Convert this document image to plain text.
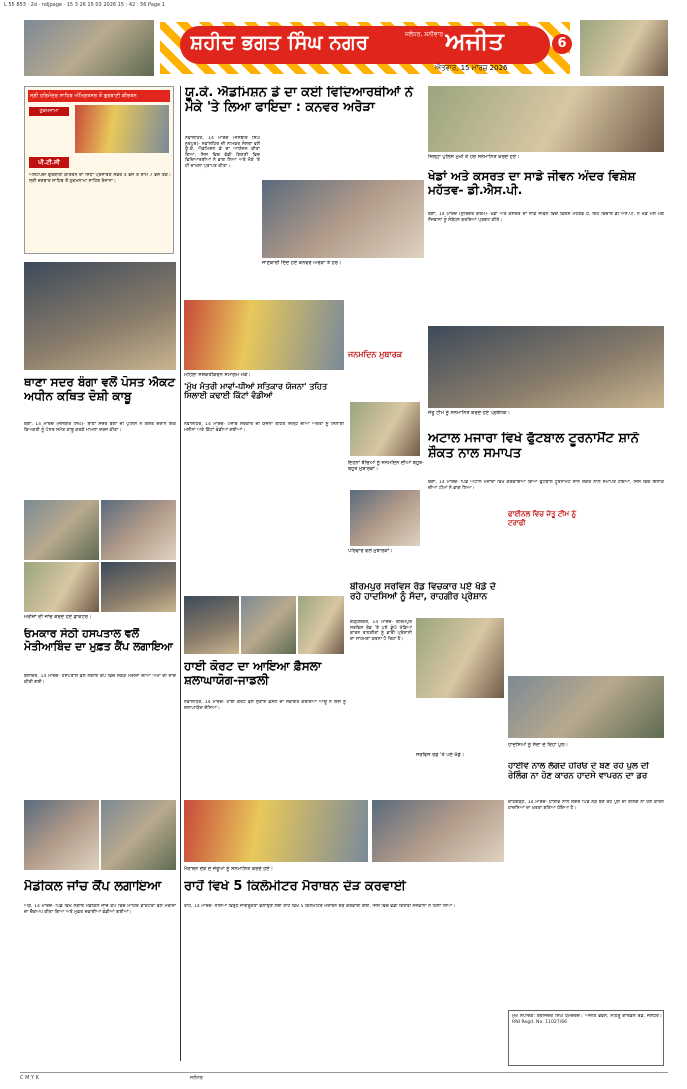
L 55 853 · 2d · ndjpage · 15 3 26 15 03 2026 15 : 42 : 56 Page 1
ਸ਼ਹੀਦ ਭਗਤ ਸਿੰਘ ਨਗਰ	ਜਲੰਧਰ, ਸ਼ਨੀਵਾਰ ਅਜੀਤ
ਐਤਵਾਰ, 15 ਮਾਰਚ 2026
6
ਸ੍ਰੀ ਹਰਿਮੰਦਰ ਸਾਹਿਬ ਅੰਮ੍ਰਿਤਸਰ ਤੋਂ ਗੁਰਬਾਣੀ ਕੀਰਤਨ
ਹੁਕਮਨਾਮਾ
ਪੀ.ਟੀ.ਸੀ
ਅਸ਼ਟਪਦੀ ਗੁਰਬਾਣੀ ਕੀਰਤਨ ਦਾ ਸਿੱਧਾ ਪ੍ਰਸਾਰਣ ਸਵੇਰੇ 4 ਵਜੇ ਤੋਂ ਸ਼ਾਮ 7 ਵਜੇ ਤੱਕ। ਸ੍ਰੀ ਦਰਬਾਰ ਸਾਹਿਬ ਤੋਂ ਹੁਕਮਨਾਮਾ ਸਾਹਿਬ ਰੋਜ਼ਾਨਾ।
ਥਾਣਾ ਸਦਰ ਬੰਗਾ ਵਲੋਂ ਪੋਸਤ ਐਕਟ ਅਧੀਨ ਕਥਿਤ ਦੋਸ਼ੀ ਕਾਬੂ
ਬੰਗਾ, 14 ਮਾਰਚ (ਜਸਬੀਰ ਸਿੰਘ)- ਥਾਣਾ ਸਦਰ ਬੰਗਾ ਦੀ ਪੁਲਿਸ ਨੇ ਗਸ਼ਤ ਦੌਰਾਨ ਇਕ ਵਿਅਕਤੀ ਨੂੰ ਪੋਸਤ ਸਮੇਤ ਕਾਬੂ ਕਰਕੇ ਮਾਮਲਾ ਦਰਜ ਕੀਤਾ।
ਮਰੀਜ਼ਾਂ ਦੀ ਜਾਂਚ ਕਰਦੇ ਹੋਏ ਡਾਕਟਰ।
ਓਮਕਾਰ ਸੇਠੀ ਹਸਪਤਾਲ ਵਲੋਂ ਮੋਤੀਆਬਿੰਦ ਦਾ ਮੁਫ਼ਤ ਕੈਂਪ ਲਗਾਇਆ
ਬਲਾਚੌਰ, 14 ਮਾਰਚ- ਹਸਪਤਾਲ ਵਲੋਂ ਲਗਾਏ ਕੈਂਪ ਵਿਚ ਸੈਂਕੜੇ ਮਰੀਜ਼ਾਂ ਦੀਆਂ ਅੱਖਾਂ ਦੀ ਜਾਂਚ ਕੀਤੀ ਗਈ।
ਮੈਡੀਕਲ ਜਾਂਚ ਕੈਂਪ ਲਗਾਇਆ
ਔੜ, 14 ਮਾਰਚ- ਪਿੰਡ ਵਿਖੇ ਲਗਾਏ ਮੈਡੀਕਲ ਜਾਂਚ ਕੈਂਪ ਵਿਚ ਮਾਹਿਰ ਡਾਕਟਰਾਂ ਵਲੋਂ ਮਰੀਜ਼ਾਂ ਦਾ ਚੈੱਕਅਪ ਕੀਤਾ ਗਿਆ ਅਤੇ ਮੁਫ਼ਤ ਦਵਾਈਆਂ ਵੰਡੀਆਂ ਗਈਆਂ।
ਯੂ.ਕੇ. ਐਡਮਿਸ਼ਨ ਡੇ ਦਾ ਕਈ ਵਿਦਿਆਰਥੀਆਂ ਨੇ ਮੌਕੇ 'ਤੇ ਲਿਆ ਫਾਇਦਾ : ਕਨਵਰ ਅਰੋੜਾ
ਨਵਾਂਸ਼ਹਿਰ, 14 ਮਾਰਚ (ਜਸਬੀਰ ਸਿੰਘ ਨੂਰਪੁਰ)- ਨਵਾਂਸ਼ਹਿਰ ਦੀ ਨਾਮਵਰ ਸੰਸਥਾ ਵਲੋਂ ਯੂ.ਕੇ. ਐਡਮਿਸ਼ਨ ਡੇ ਦਾ ਆਯੋਜਨ ਕੀਤਾ ਗਿਆ, ਜਿਸ ਵਿਚ ਵੱਡੀ ਗਿਣਤੀ ਵਿਚ ਵਿਦਿਆਰਥੀਆਂ ਨੇ ਭਾਗ ਲਿਆ ਅਤੇ ਮੌਕੇ 'ਤੇ ਹੀ ਦਾਖਲਾ ਪ੍ਰਾਪਤ ਕੀਤਾ।
ਜਾਣਕਾਰੀ ਦਿੰਦੇ ਹੋਏ ਕਨਵਰ ਅਰੋੜਾ ਤੇ ਹੋਰ।
ਮਹਿਲਾ ਸਸ਼ਕਤੀਕਰਨ ਸਮਾਗਮ ਮੌਕੇ।
'ਮੁੱਖ ਮੰਤਰੀ ਮਾਵਾਂ-ਧੀਆਂ ਸਤਿਕਾਰ ਯੋਜਨਾ' ਤਹਿਤ ਸਿਲਾਈ ਕਢਾਈ ਕਿੱਟਾਂ ਵੰਡੀਆਂ
ਨਵਾਂਸ਼ਹਿਰ, 14 ਮਾਰਚ- ਪੰਜਾਬ ਸਰਕਾਰ ਦੀ ਯੋਜਨਾ ਤਹਿਤ ਜ਼ਿਲ੍ਹੇ ਦੀਆਂ ਔਰਤਾਂ ਨੂੰ ਸਿਲਾਈ ਮਸ਼ੀਨਾਂ ਅਤੇ ਕਿੱਟਾਂ ਵੰਡੀਆਂ ਗਈਆਂ।
ਜਨਮਦਿਨ ਮੁਬਾਰਕ
ਇਹਨਾਂ ਬੱਚਿਆਂ ਨੂੰ ਜਨਮਦਿਨ ਦੀਆਂ ਬਹੁਤ-ਬਹੁਤ ਮੁਬਾਰਕਾਂ।
ਪਰਿਵਾਰ ਵਲੋਂ ਮੁਬਾਰਕਾਂ।
ਹਾਈ ਕੋਰਟ ਦਾ ਆਇਆ ਫ਼ੈਸਲਾ ਸ਼ਲਾਘਾਯੋਗ-ਜਾਡਲੀ
ਨਵਾਂਸ਼ਹਿਰ, 14 ਮਾਰਚ- ਹਾਈ ਕੋਰਟ ਵਲੋਂ ਸੁਣਾਏ ਫ਼ੈਸਲੇ ਦਾ ਸਵਾਗਤ ਕਰਦਿਆਂ ਆਗੂ ਨੇ ਇਸ ਨੂੰ ਸ਼ਲਾਘਾਯੋਗ ਦੱਸਿਆ।
ਬੀਰਮਪੁਰ ਸਰਵਿਸ ਰੋਡ ਵਿਚਕਾਰ ਪਏ ਖੱਡੇ ਦੇ ਰਹੇ ਹਾਦਸਿਆਂ ਨੂੰ ਸੱਦਾ, ਰਾਹਗੀਰ ਪ੍ਰੇਸ਼ਾਨ
ਗੜ੍ਹਸ਼ੰਕਰ, 14 ਮਾਰਚ- ਬੀਰਮਪੁਰ ਸਰਵਿਸ ਰੋਡ 'ਤੇ ਪਏ ਡੂੰਘੇ ਖੱਡਿਆਂ ਕਾਰਨ ਰਾਹਗੀਰਾਂ ਨੂੰ ਭਾਰੀ ਪ੍ਰੇਸ਼ਾਨੀ ਦਾ ਸਾਹਮਣਾ ਕਰਨਾ ਪੈ ਰਿਹਾ ਹੈ।
ਸਰਵਿਸ ਰੋਡ 'ਤੇ ਪਏ ਖੱਡੇ।
ਮੈਰਾਥਨ ਦੌੜ ਦੇ ਜੇਤੂਆਂ ਨੂੰ ਸਨਮਾਨਿਤ ਕਰਦੇ ਹੋਏ।
ਰਾਹੋਂ ਵਿਖੇ 5 ਕਿਲੋਮੀਟਰ ਮੈਰਾਥਨ ਦੌੜ ਕਰਵਾਈ
ਰਾਹੋਂ, 14 ਮਾਰਚ- ਨਸ਼ਿਆਂ ਵਿਰੁੱਧ ਜਾਗਰੂਕਤਾ ਫੈਲਾਉਣ ਲਈ ਰਾਹੋਂ ਵਿਖੇ 5 ਕਿਲੋਮੀਟਰ ਮੈਰਾਥਨ ਦੌੜ ਕਰਵਾਈ ਗਈ, ਜਿਸ ਵਿਚ ਵੱਡੀ ਗਿਣਤੀ ਨੌਜਵਾਨਾਂ ਨੇ ਹਿੱਸਾ ਲਿਆ।
ਜ਼ਿਲ੍ਹਾ ਪੁਲਿਸ ਮੁਖੀ ਤੇ ਹੋਰ ਸਨਮਾਨਿਤ ਕਰਦੇ ਹੋਏ।
ਖੇਡਾਂ ਅਤੇ ਕਸਰਤ ਦਾ ਸਾਡੇ ਜੀਵਨ ਅੰਦਰ ਵਿਸ਼ੇਸ਼ ਮਹੱਤਵ- ਡੀ.ਐਸ.ਪੀ.
ਬੰਗਾ, 14 ਮਾਰਚ (ਸੁਰਿੰਦਰ ਕਰਮ)- ਖੇਡਾਂ ਅਤੇ ਕਸਰਤ ਦਾ ਸਾਡੇ ਜੀਵਨ ਵਿਚ ਵਿਸ਼ੇਸ਼ ਮਹੱਤਵ ਹੈ, ਇਹ ਵਿਚਾਰ ਡੀ.ਐਸ.ਪੀ. ਨੇ ਖੇਡ ਮੇਲੇ ਮੌਕੇ ਨੌਜਵਾਨਾਂ ਨੂੰ ਸੰਬੋਧਨ ਕਰਦਿਆਂ ਪ੍ਰਗਟ ਕੀਤੇ।
ਜੇਤੂ ਟੀਮ ਨੂੰ ਸਨਮਾਨਿਤ ਕਰਦੇ ਹੋਏ ਪ੍ਰਬੰਧਕ।
ਅਟਾਲ ਮਜਾਰਾ ਵਿਖੇ ਫੁੱਟਬਾਲ ਟੂਰਨਾਮੈਂਟ ਸ਼ਾਨੋ ਸ਼ੌਕਤ ਨਾਲ ਸਮਾਪਤ
ਫਾਈਨਲ ਵਿਚ ਜੇਤੂ ਟੀਮ ਨੂੰ ਟਰਾਫੀ
ਬੰਗਾ, 14 ਮਾਰਚ- ਪਿੰਡ ਅਟਾਲ ਮਜਾਰਾ ਵਿਖੇ ਕਰਵਾਇਆ ਗਿਆ ਫੁੱਟਬਾਲ ਟੂਰਨਾਮੈਂਟ ਸ਼ਾਨੋ ਸ਼ੌਕਤ ਨਾਲ ਸਮਾਪਤ ਹੋਇਆ, ਜਿਸ ਵਿਚ ਇਲਾਕੇ ਦੀਆਂ ਟੀਮਾਂ ਨੇ ਭਾਗ ਲਿਆ।
ਹਾਦਸਿਆਂ ਨੂੰ ਸੱਦਾ ਦੇ ਰਿਹਾ ਪੁਲ।
ਹਾਈਵੇ ਨਾਲ ਲੱਗਦੇ ਹਰਿਓ ਦੇ ਬਣ ਰਹੇ ਪੁਲ ਦੀ ਰੇਲਿੰਗ ਨਾ ਹੋਣ ਕਾਰਨ ਹਾਦਸੇ ਵਾਪਰਨ ਦਾ ਡਰ
ਕਾਠਗੜ੍ਹ, 14 ਮਾਰਚ- ਹਾਈਵੇ ਨਾਲ ਲੱਗਦੇ ਪਿੰਡ ਨੇੜੇ ਬਣ ਰਹੇ ਪੁਲ ਦੀ ਰੇਲਿੰਗ ਨਾ ਹੋਣ ਕਾਰਨ ਹਾਦਸਿਆਂ ਦਾ ਖ਼ਤਰਾ ਬਣਿਆ ਹੋਇਆ ਹੈ।
ਮੁੱਖ ਸੰਪਾਦਕ: ਬਰਜਿੰਦਰ ਸਿੰਘ ਹਮਦਰਦ। ਅਜੀਤ ਭਵਨ, ਨਹਿਰੂ ਗਾਰਡਨ ਰੋਡ, ਜਲੰਧਰ। RNI Regd. No. 11027/66
C M Y K	ਜਲੰਧਰ
